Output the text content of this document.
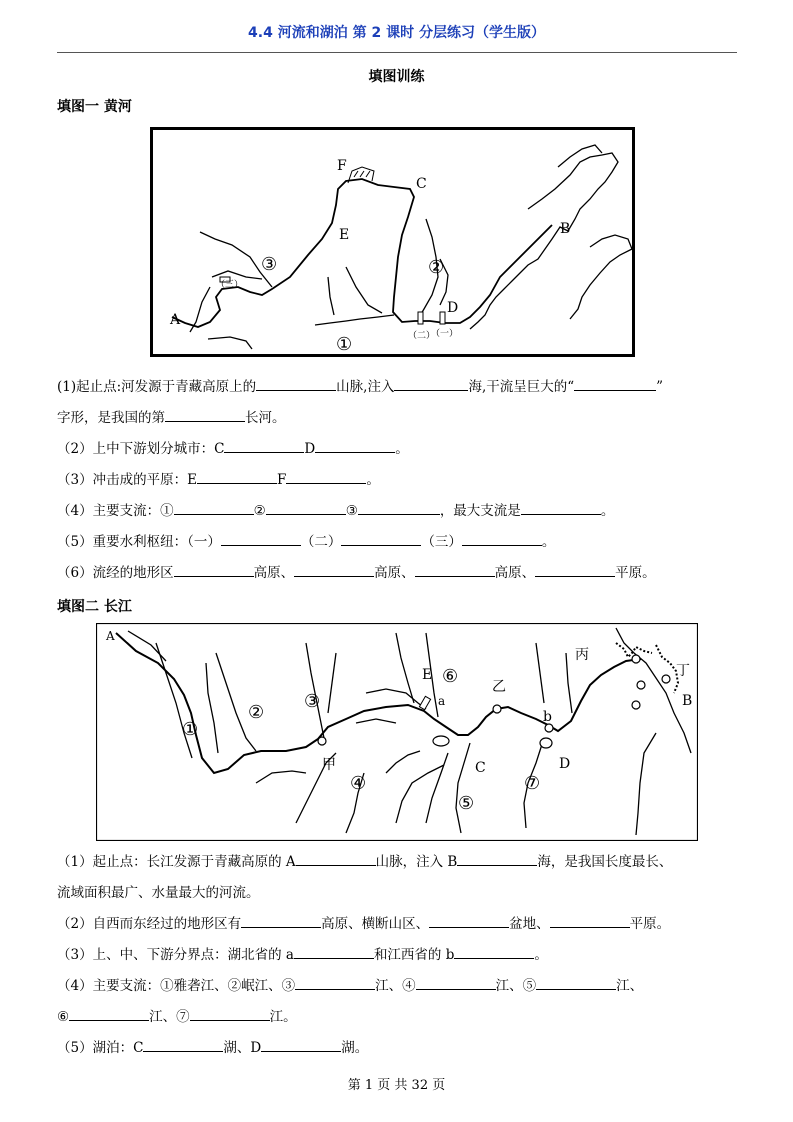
4.4 河流和湖泊 第 2 课时 分层练习（学生版）
填图训练
填图一 黄河
A
B
C
D
E
F
①
②
③
（一）
（二）
（三）
(1)起止点:河发源于青藏高原上的	山脉,注入	海,干流呈巨大的“	”
字形，是我国的第	长河。
（2）上中下游划分城市：C	D	。
（3）冲击成的平原：E	F	。
（4）主要支流：①	②	③	，最大支流是	。
（5）重要水利枢纽：（一）	（二）	（三）	。
（6）流经的地形区	高原、	高原、	高原、	平原。
填图二 长江
A
B
C	D
E
a
b
甲
乙
丙
丁
①
②
③
④
⑤
⑥
⑦
（1）起止点：长江发源于青藏高原的 A	山脉，注入 B	海，是我国长度最长、
流域面积最广、水量最大的河流。
（2）自西而东经过的地形区有	高原、横断山区、	盆地、	平原。
（3）上、中、下游分界点：湖北省的 a	和江西省的 b	。
（4）主要支流：①雅砻江、②岷江、③	江、④	江、⑤	江、
⑥	江、⑦	江。
（5）湖泊：C	湖、D	湖。
第 1 页 共 32 页
